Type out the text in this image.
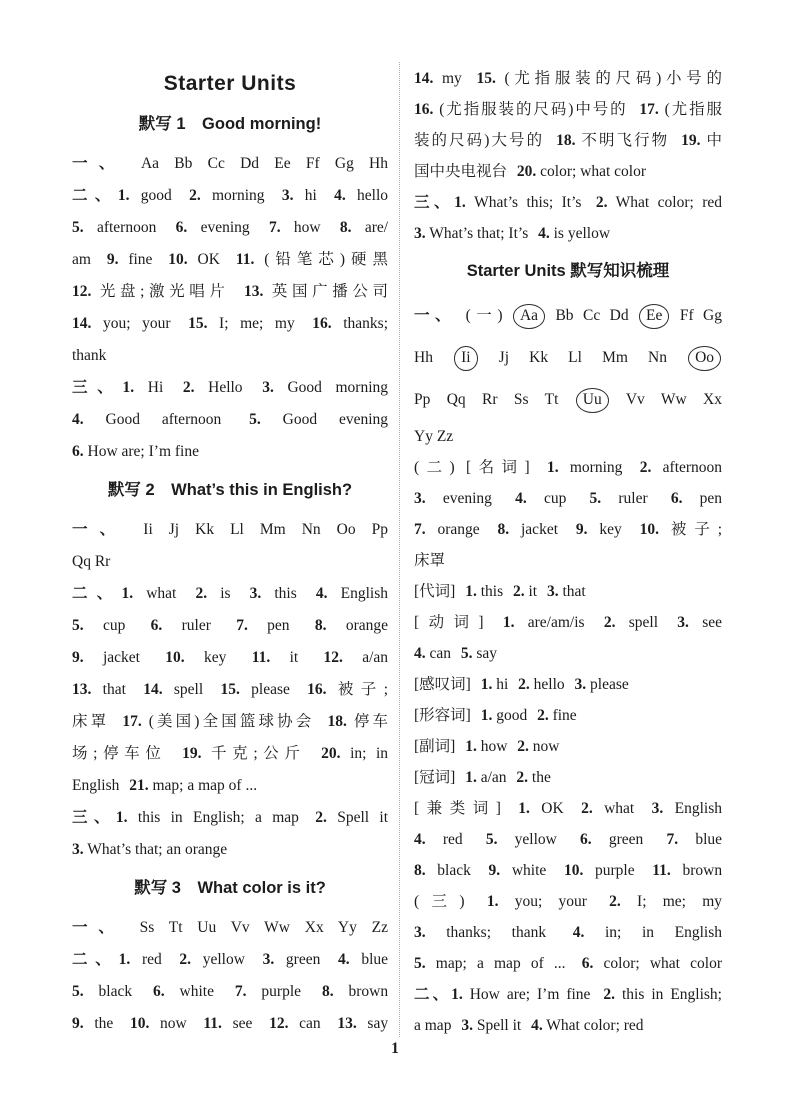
Starter Units
默写 1　Good morning!
一、 Aa Bb Cc Dd Ee Ff Gg Hh
二、1. good 2. morning 3. hi 4. hello
5. afternoon 6. evening 7. how 8. are/
am 9. fine 10. OK 11. (铅笔芯)硬黑
12. 光盘;激光唱片 13. 英国广播公司
14. you; your 15. I; me; my 16. thanks;
thank
三、1. Hi 2. Hello 3. Good morning
4. Good afternoon 5. Good evening
6. How are; I’m fine
默写 2　What’s this in English?
一、 Ii Jj Kk Ll Mm Nn Oo Pp
Qq Rr
二、1. what 2. is 3. this 4. English
5. cup 6. ruler 7. pen 8. orange
9. jacket 10. key 11. it 12. a/an
13. that 14. spell 15. please 16. 被子;
床罩 17. (美国)全国篮球协会 18. 停车
场;停车位 19. 千克;公斤 20. in; in
English 21. map; a map of ...
三、1. this in English; a map 2. Spell it
3. What’s that; an orange
默写 3　What color is it?
一、 Ss Tt Uu Vv Ww Xx Yy Zz
二、1. red 2. yellow 3. green 4. blue
5. black 6. white 7. purple 8. brown
9. the 10. now 11. see 12. can 13. say
14. my 15. (尤指服装的尺码)小号的
16. (尤指服装的尺码)中号的 17. (尤指服
装的尺码)大号的 18. 不明飞行物 19. 中
国中央电视台 20. color; what color
三、1. What’s this; It’s 2. What color; red
3. What’s that; It’s 4. is yellow
Starter Units 默写知识梳理
一、 (一) Aa Bb Cc Dd Ee Ff Gg
Hh Ii Jj Kk Ll Mm Nn Oo
Pp Qq Rr Ss Tt Uu Vv Ww Xx
Yy Zz
(二) [名词] 1. morning 2. afternoon
3. evening 4. cup 5. ruler 6. pen
7. orange 8. jacket 9. key 10. 被子;
床罩
[代词] 1. this 2. it 3. that
[动词] 1. are/am/is 2. spell 3. see
4. can 5. say
[感叹词] 1. hi 2. hello 3. please
[形容词] 1. good 2. fine
[副词] 1. how 2. now
[冠词] 1. a/an 2. the
[兼类词] 1. OK 2. what 3. English
4. red 5. yellow 6. green 7. blue
8. black 9. white 10. purple 11. brown
(三) 1. you; your 2. I; me; my
3. thanks; thank 4. in; in English
5. map; a map of ... 6. color; what color
二、1. How are; I’m fine 2. this in English;
a map 3. Spell it 4. What color; red
1
